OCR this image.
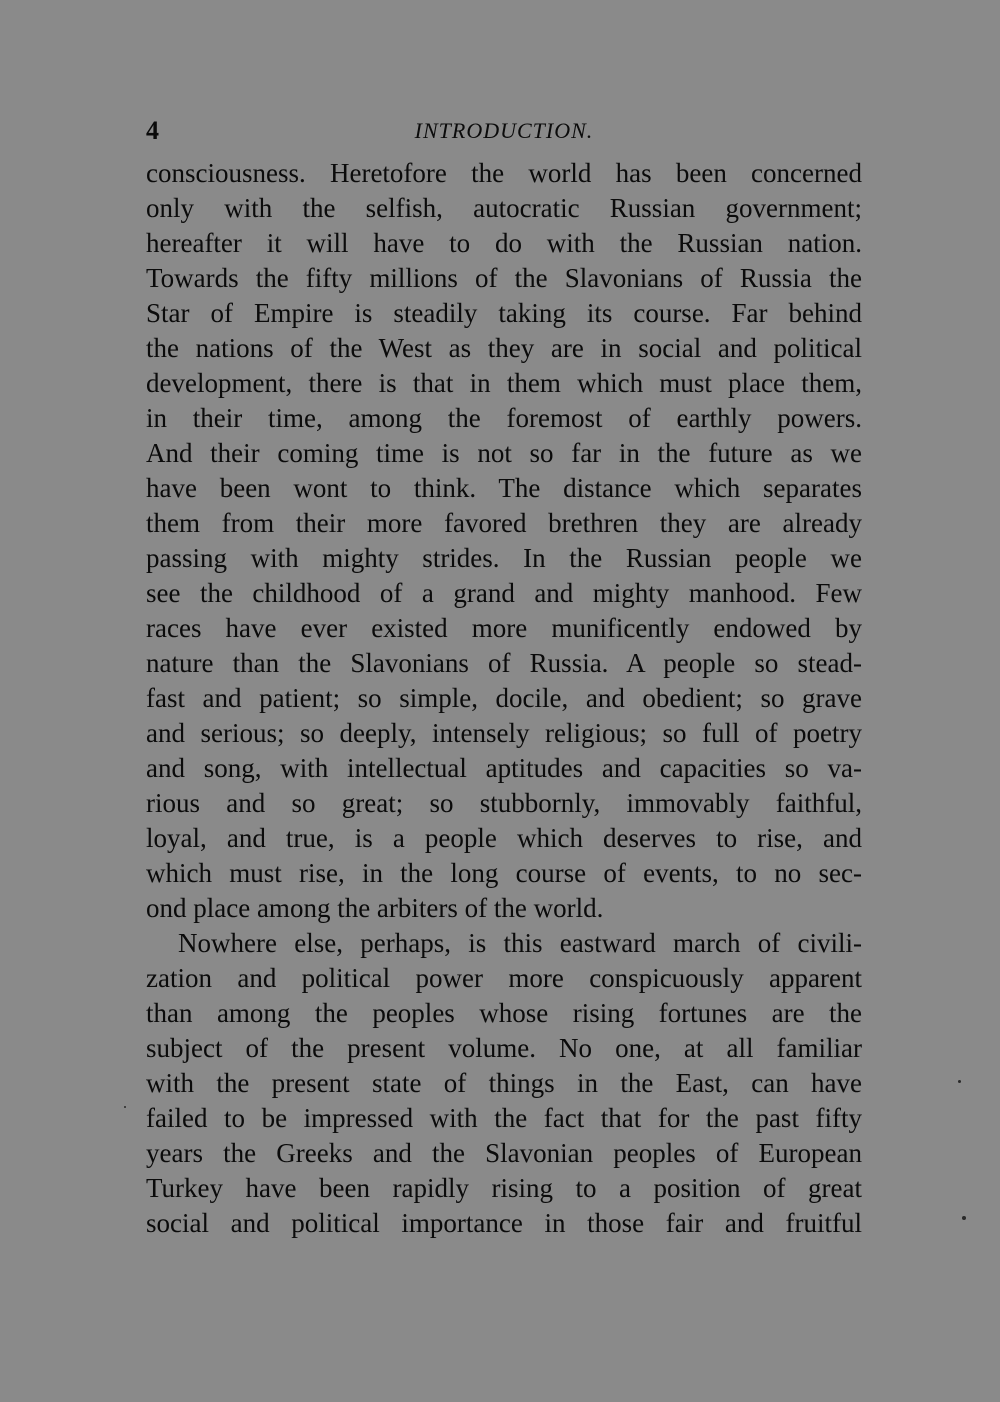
4	INTRODUCTION.
consciousness. Heretofore the world has been concerned
only with the selfish, autocratic Russian government;
hereafter it will have to do with the Russian nation.
Towards the fifty millions of the Slavonians of Russia the
Star of Empire is steadily taking its course. Far behind
the nations of the West as they are in social and political
development, there is that in them which must place them,
in their time, among the foremost of earthly powers.
And their coming time is not so far in the future as we
have been wont to think. The distance which separates
them from their more favored brethren they are already
passing with mighty strides. In the Russian people we
see the childhood of a grand and mighty manhood. Few
races have ever existed more munificently endowed by
nature than the Slavonians of Russia. A people so stead-
fast and patient; so simple, docile, and obedient; so grave
and serious; so deeply, intensely religious; so full of poetry
and song, with intellectual aptitudes and capacities so va-
rious and so great; so stubbornly, immovably faithful,
loyal, and true, is a people which deserves to rise, and
which must rise, in the long course of events, to no sec-
ond place among the arbiters of the world.
Nowhere else, perhaps, is this eastward march of civili-
zation and political power more conspicuously apparent
than among the peoples whose rising fortunes are the
subject of the present volume. No one, at all familiar
with the present state of things in the East, can have
failed to be impressed with the fact that for the past fifty
years the Greeks and the Slavonian peoples of European
Turkey have been rapidly rising to a position of great
social and political importance in those fair and fruitful
